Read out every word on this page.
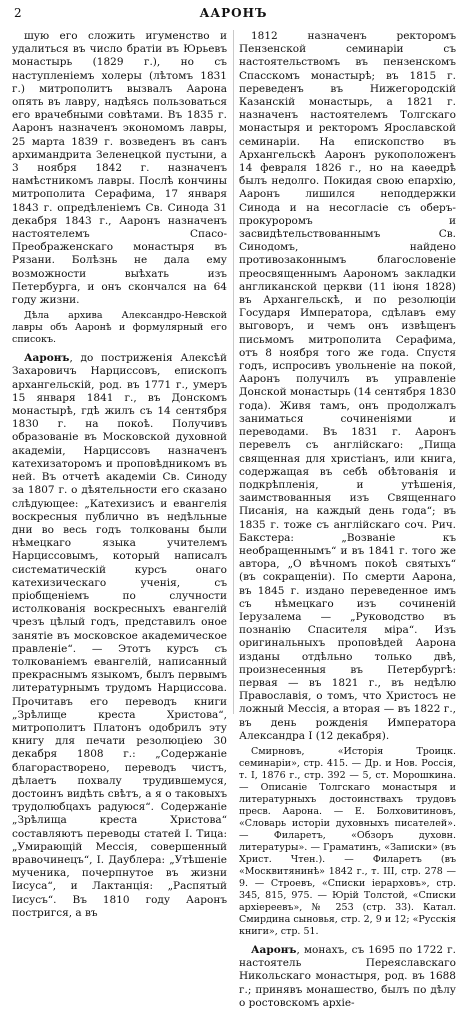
2	ААРОНЪ

шую его сложить игуменство и удалиться въ число братiи въ Юрьевъ монастырь (1829 г.), но съ наступленiемъ холеры (лѣтомъ 1831 г.) митрополитъ вызвалъ Аарона опять въ лавру, надѣясь пользоваться его врачебными совѣтами. Въ 1835 г. Ааронъ назначенъ экономомъ лавры, 25 марта 1839 г. возведенъ въ санъ архимандрита Зеленецкой пустыни, а 3 ноября 1842 г. назначенъ намѣстникомъ лавры. Послѣ кончины митрополита Серафима, 17 января 1843 г. опредѣленiемъ Св. Синода 31 декабря 1843 г., Ааронъ назначенъ настоятелемъ Спасо-Преображенскаго монастыря въ Рязани. Болѣзнь не дала ему возможности выѣхать изъ Петербурга, и онъ скончался на 64 году жизни.

Дѣла архива Александро-Невской лавры объ Ааронѣ и формулярный его списокъ.

Ааронъ, до постриженiя Алексѣй Захаровичъ Нарциссовъ, епископъ архангельскiй, род. въ 1771 г., умеръ 15 января 1841 г., въ Донскомъ монастырѣ, гдѣ жилъ съ 14 сентября 1830 г. на покоѣ. Получивъ образованiе въ Московской духовной академiи, Нарциссовъ назначенъ катехизаторомъ и проповѣдникомъ въ ней. Въ отчетѣ академiи Св. Синоду за 1807 г. о дѣятельности его сказано слѣдующее: „Катехизисъ и евангелiя воскресныя публично въ недѣльные дни во весь годъ толкованы были нѣмецкаго языка учителемъ Нарциссовымъ, который написалъ систематическiй курсъ онаго катехизическаго ученiя, съ прiобщенiемъ по случности истолкованiя воскресныхъ евангелiй чрезъ цѣлый годъ, представилъ оное занятiе въ московское академическое правленiе“. — Этотъ курсъ съ толкованiемъ евангелiй, написанный прекраснымъ языкомъ, былъ первымъ литературнымъ трудомъ Нарциссова. Прочитавъ его переводъ книги „Зрѣлище креста Христова“, митрополитъ Платонъ одобрилъ эту книгу для печати резолюцiею 30 декабря 1808 г.: „Содержанiе благорастворено, переводъ чистъ, дѣлаетъ похвалу трудившемуся, достоинъ видѣть свѣтъ, а я о таковыхъ трудолюбцахъ радуюся“. Содержанiе „Зрѣлища креста Христова“ составляютъ переводы статей I. Тица: „Умирающiй Мессiя, совершенный вравочинецъ“, I. Даублера: „Утѣшенiе мученика, почерпнутое въ жизни Iисуса“, и Лактанцiя: „Распятый Iисусъ“. Въ 1810 году Ааронъ постригся, а въ

1812 назначенъ ректоромъ Пензенской семинарiи съ настоятельствомъ въ пензенскомъ Спасскомъ монастырѣ; въ 1815 г. переведенъ въ Нижегородскiй Казанскiй монастырь, а 1821 г. назначенъ настоятелемъ Толгскаго монастыря и ректоромъ Ярославской семинарiи. На епископство въ Архангельскѣ Ааронъ рукоположенъ 14 февраля 1826 г., но на каѳедрѣ былъ недолго. Покидая свою епархiю, Ааронъ лишился неподдержки Синода и на несогласiе съ оберъ-прокуроромъ и засвидѣтельствованнымъ Св. Синодомъ, найдено противозаконнымъ благословенiе преосвященнымъ Аарономъ закладки англиканской церкви (11 iюня 1828) въ Архангельскѣ, и по резолюцiи Государя Императора, сдѣлавъ ему выговоръ, и чемъ онъ извѣщенъ письмомъ митрополита Серафима, отъ 8 ноября того же года. Спустя годъ, испросивъ увольненiе на покой, Ааронъ получилъ въ управленiе Донской монастырь (14 сентября 1830 года). Живя тамъ, онъ продолжалъ заниматься сочиненiями и переводами. Въ 1831 г. Ааронъ перевелъ съ англiйскаго: „Пища священная для христiанъ, или книга, содержащая въ себѣ обѣтованiя и подкрѣпленiя, и утѣшенiя, заимствованныя изъ Священнаго Писанiя, на каждый день года“; въ 1835 г. тоже съ англiйскаго соч. Рич. Бакстера: „Возванiе къ необращеннымъ“ и въ 1841 г. того же автора, „О вѣчномъ покоѣ святыхъ“ (въ сокращенiи). По смерти Аарона, въ 1845 г. издано переведенное имъ съ нѣмецкаго изъ сочиненiй Iерузалема — „Руководство въ познанiю Спасителя мiра“. Изъ оригинальныхъ проповѣдей Аарона изданы отдѣльно только двѣ, произнесенныя въ Петербургѣ: первая — въ 1821 г., въ недѣлю Православiя, о томъ, что Христосъ не ложный Мессiя, а вторая — въ 1822 г., въ день рожденiя Императора Александра I (12 декабря).

Смирновъ, «Исторiя Троицк. семинарiи», стр. 415. — Др. и Нов. Россiя, т. I, 1876 г., стр. 392 — 5, ст. Морошкина. — Описанiе Толгскаго монастыря и литературныхъ достоинствахъ трудовъ пресв. Аарона. — Е. Болховитиновъ, «Словарь исторiи духовныхъ писателей». — Филаретъ, «Обзоръ духовн. литературы». — Граматинъ, «Записки» (въ Христ. Чтен.). — Филаретъ (въ «Москвитянинѣ» 1842 г., т. III, стр. 278 — 9. — Строевъ, «Списки iерарховъ», стр. 345, 815, 975. — Юрiй Толстой, «Списки архiереевъ», № 253 (стр. 33). Катал. Смирдина сыновья, стр. 2, 9 и 12; «Русскiя книги», стр. 51.

Ааронъ, монахъ, съ 1695 по 1722 г. настоятель Переяславскаго Никольскаго монастыря, род. въ 1688 г.; принявъ монашество, былъ по дѣлу о ростовскомъ архiе-
